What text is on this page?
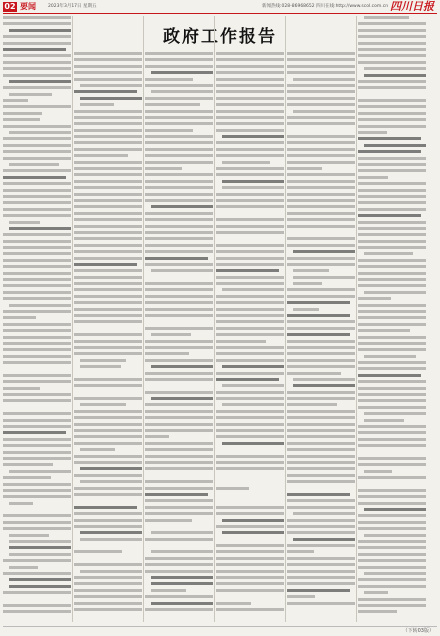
02 要闻	2023年3月17日 星期五	新闻热线:028-86968652 四川在线:http://www.scol.com.cn 四川日报
政府工作报告
（下转03版）
